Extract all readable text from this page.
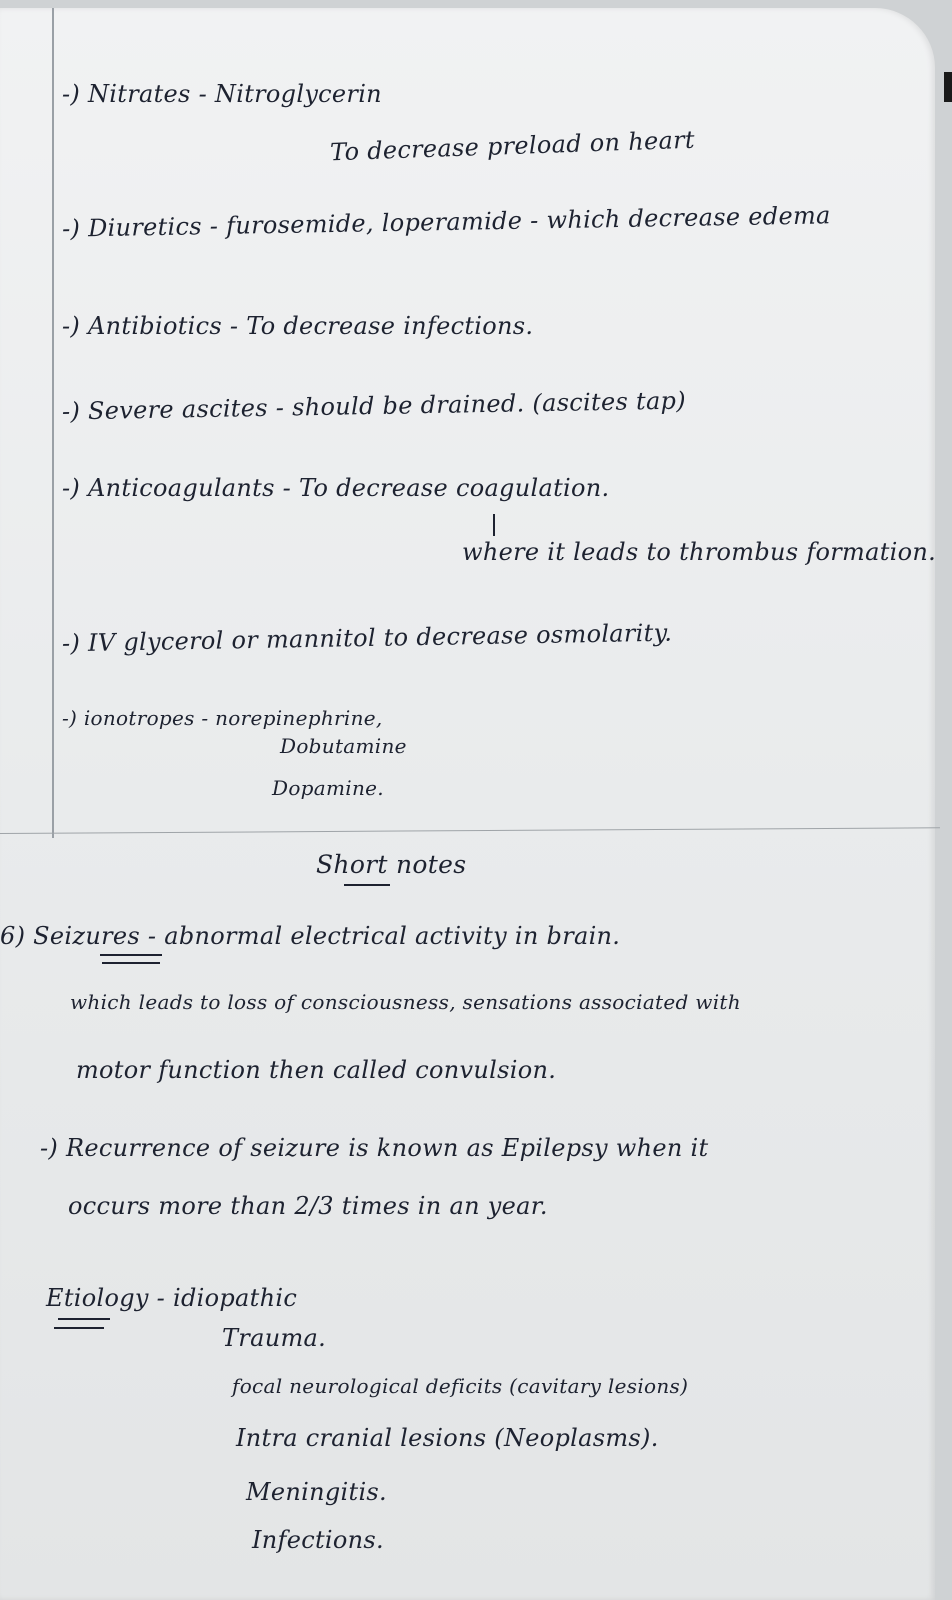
-) Nitrates - Nitroglycerin
To decrease preload on heart
-) Diuretics - furosemide, loperamide - which decrease edema
-) Antibiotics - To decrease infections.
-) Severe ascites - should be drained. (ascites tap)
-) Anticoagulants - To decrease coagulation.
where it leads to thrombus formation.
-) IV glycerol or mannitol to decrease osmolarity.
-) ionotropes - norepinephrine,
Dobutamine
Dopamine.
Short notes
6) Seizures - abnormal electrical activity in brain.
which leads to loss of consciousness, sensations associated with
motor function then called convulsion.
-) Recurrence of seizure is known as Epilepsy when it
occurs more than 2/3 times in an year.
Etiology - idiopathic
Trauma.
focal neurological deficits (cavitary lesions)
Intra cranial lesions (Neoplasms).
Meningitis.
Infections.
